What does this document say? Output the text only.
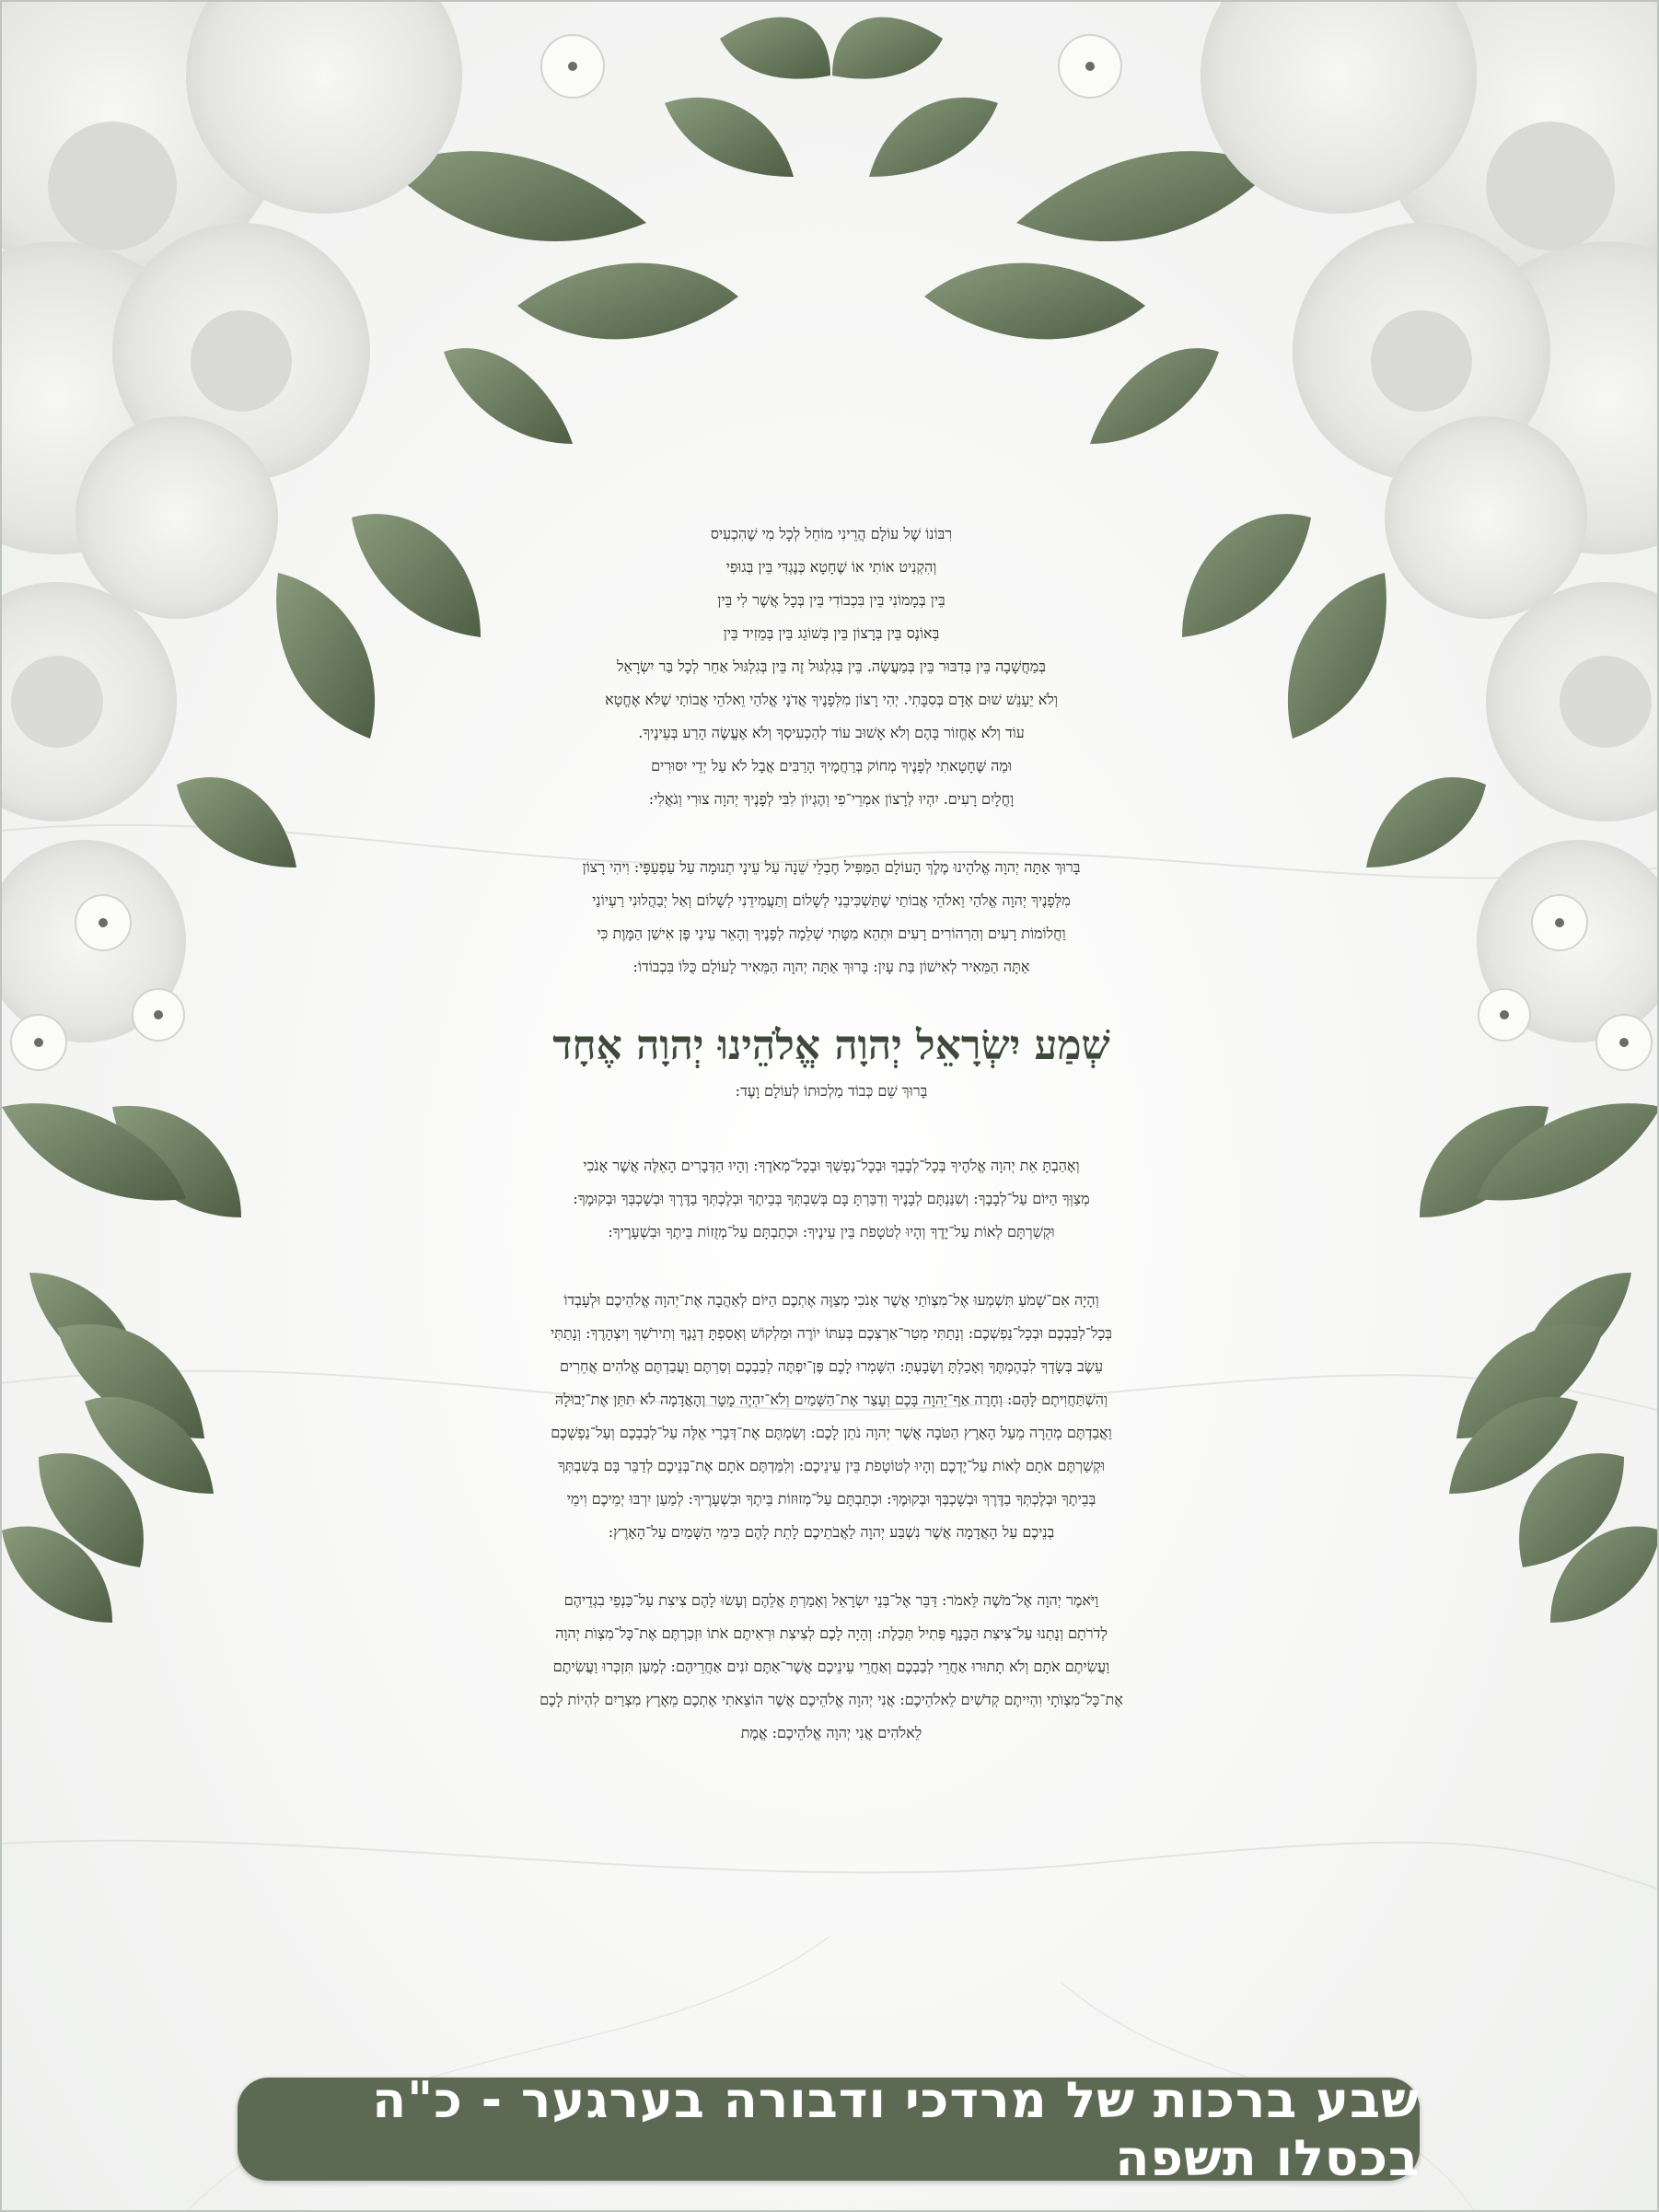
רִבּוֹנוֹ שֶׁל עוֹלָם הֲרֵינִי מוֹחֵל לְכָל מִי שֶׁהִכְעִיס
וְהִקְנִיט אוֹתִי אוֹ שֶׁחָטָא כְּנֶגְדִּי בֵּין בְּגוּפִי
בֵּין בְּמָמוֹנִי בֵּין בִּכְבוֹדִי בֵּין בְּכָל אֲשֶׁר לִי בֵּין
בְּאוֹנֶס בֵּין בְּרָצוֹן בֵּין בְּשׁוֹגֵג בֵּין בְּמֵזִיד בֵּין
בְּמַחֲשָׁבָה בֵּין בְּדִבּוּר בֵּין בְּמַעֲשֶׂה. בֵּין בְּגִלְגּוּל זֶה בֵּין בְּגִלְגּוּל אַחֵר לְכָל בַּר יִשְׂרָאֵל
וְלֹא יֵעָנֵשׁ שׁוּם אָדָם בְּסִבָּתִי. יְהִי רָצוֹן מִלְּפָנֶיךָ אֲדֹנָי אֱלֹהַי וֵאלֹהֵי אֲבוֹתַי שֶׁלֹּא אֶחֱטָא
עוֹד וְלֹא אֶחֱזוֹר בָּהֶם וְלֹא אָשׁוּב עוֹד לְהַכְעִיסְךָ וְלֹא אֶעֱשֶׂה הָרַע בְּעֵינֶיךָ.
וּמַה שֶּׁחָטָאתִי לְפָנֶיךָ מְחוֹק בְּרַחֲמֶיךָ הָרַבִּים אֲבָל לֹא עַל יְדֵי יִסּוּרִים
וָחֳלָיִם רָעִים. יִהְיוּ לְרָצוֹן אִמְרֵי־פִי וְהֶגְיוֹן לִבִּי לְפָנֶיךָ יְהוָה צוּרִי וְגֹאֲלִי:
בָּרוּךְ אַתָּה יְהוָה אֱלֹהֵינוּ מֶלֶךְ הָעוֹלָם הַמַּפִּיל חֶבְלֵי שֵׁנָה עַל עֵינָי תְנוּמָה עַל עַפְעַפָּי: וִיהִי רָצוֹן
מִלְּפָנֶיךָ יְהוָה אֱלֹהַי וֵאלֹהֵי אֲבוֹתַי שֶׁתַּשְׁכִּיבֵנִי לְשָׁלוֹם וְתַעֲמִידֵנִי לְשָׁלוֹם וְאַל יְבַהֲלוּנִי רַעְיוֹנַי
וַחֲלוֹמוֹת רָעִים וְהַרְהוֹרִים רָעִים וּתְהֵא מִטָּתִי שְׁלֵמָה לְפָנֶיךָ וְהָאֵר עֵינַי פֶּן אִישַׁן הַמָּוֶת כִּי
אַתָּה הַמֵּאִיר לְאִישׁוֹן בַּת עָיִן: בָּרוּךְ אַתָּה יְהוָה הַמֵּאִיר לָעוֹלָם כֻּלּוֹ בִּכְבוֹדוֹ:
שְׁמַע יִשְׂרָאֵל יְהוָה אֱלֹהֵינוּ יְהוָה אֶחָד
בָּרוּךְ שֵׁם כְּבוֹד מַלְכוּתוֹ לְעוֹלָם וָעֶד:
וְאָהַבְתָּ אֵת יְהוָה אֱלֹהֶיךָ בְּכָל־לְבָבְךָ וּבְכָל־נַפְשְׁךָ וּבְכָל־מְאֹדֶךָ: וְהָיוּ הַדְּבָרִים הָאֵלֶּה אֲשֶׁר אָנֹכִי
מְצַוְּךָ הַיּוֹם עַל־לְבָבֶךָ: וְשִׁנַּנְתָּם לְבָנֶיךָ וְדִבַּרְתָּ בָּם בְּשִׁבְתְּךָ בְּבֵיתֶךָ וּבְלֶכְתְּךָ בַדֶּרֶךְ וּבְשָׁכְבְּךָ וּבְקוּמֶךָ:
וּקְשַׁרְתָּם לְאוֹת עַל־יָדֶךָ וְהָיוּ לְטֹטָפֹת בֵּין עֵינֶיךָ: וּכְתַבְתָּם עַל־מְזֻזוֹת בֵּיתֶךָ וּבִשְׁעָרֶיךָ:
וְהָיָה אִם־שָׁמֹעַ תִּשְׁמְעוּ אֶל־מִצְוֺתַי אֲשֶׁר אָנֹכִי מְצַוֶּה אֶתְכֶם הַיּוֹם לְאַהֲבָה אֶת־יְהוָה אֱלֹהֵיכֶם וּלְעָבְדוֹ
בְּכָל־לְבַבְכֶם וּבְכָל־נַפְשְׁכֶם: וְנָתַתִּי מְטַר־אַרְצְכֶם בְּעִתּוֹ יוֹרֶה וּמַלְקוֹשׁ וְאָסַפְתָּ דְגָנֶךָ וְתִירֹשְׁךָ וְיִצְהָרֶךָ: וְנָתַתִּי
עֵשֶׂב בְּשָׂדְךָ לִבְהֶמְתֶּךָ וְאָכַלְתָּ וְשָׂבָעְתָּ: הִשָּׁמְרוּ לָכֶם פֶּן־יִפְתֶּה לְבַבְכֶם וְסַרְתֶּם וַעֲבַדְתֶּם אֱלֹהִים אֲחֵרִים
וְהִשְׁתַּחֲוִיתֶם לָהֶם: וְחָרָה אַף־יְהוָה בָּכֶם וְעָצַר אֶת־הַשָּׁמַיִם וְלֹא־יִהְיֶה מָטָר וְהָאֲדָמָה לֹא תִתֵּן אֶת־יְבוּלָהּ
וַאֲבַדְתֶּם מְהֵרָה מֵעַל הָאָרֶץ הַטֹּבָה אֲשֶׁר יְהוָה נֹתֵן לָכֶם: וְשַׂמְתֶּם אֶת־דְּבָרַי אֵלֶּה עַל־לְבַבְכֶם וְעַל־נַפְשְׁכֶם
וּקְשַׁרְתֶּם אֹתָם לְאוֹת עַל־יֶדְכֶם וְהָיוּ לְטוֹטָפֹת בֵּין עֵינֵיכֶם: וְלִמַּדְתֶּם אֹתָם אֶת־בְּנֵיכֶם לְדַבֵּר בָּם בְּשִׁבְתְּךָ
בְּבֵיתֶךָ וּבְלֶכְתְּךָ בַדֶּרֶךְ וּבְשָׁכְבְּךָ וּבְקוּמֶךָ: וּכְתַבְתָּם עַל־מְזוּזוֹת בֵּיתֶךָ וּבִשְׁעָרֶיךָ: לְמַעַן יִרְבּוּ יְמֵיכֶם וִימֵי
בְנֵיכֶם עַל הָאֲדָמָה אֲשֶׁר נִשְׁבַּע יְהוָה לַאֲבֹתֵיכֶם לָתֵת לָהֶם כִּימֵי הַשָּׁמַיִם עַל־הָאָרֶץ:
וַיֹּאמֶר יְהוָה אֶל־מֹשֶׁה לֵּאמֹר: דַּבֵּר אֶל־בְּנֵי יִשְׂרָאֵל וְאָמַרְתָּ אֲלֵהֶם וְעָשׂוּ לָהֶם צִיצִת עַל־כַּנְפֵי בִגְדֵיהֶם
לְדֹרֹתָם וְנָתְנוּ עַל־צִיצִת הַכָּנָף פְּתִיל תְּכֵלֶת: וְהָיָה לָכֶם לְצִיצִת וּרְאִיתֶם אֹתוֹ וּזְכַרְתֶּם אֶת־כָּל־מִצְוֺת יְהוָה
וַעֲשִׂיתֶם אֹתָם וְלֹא תָתוּרוּ אַחֲרֵי לְבַבְכֶם וְאַחֲרֵי עֵינֵיכֶם אֲשֶׁר־אַתֶּם זֹנִים אַחֲרֵיהֶם: לְמַעַן תִּזְכְּרוּ וַעֲשִׂיתֶם
אֶת־כָּל־מִצְוֺתָי וִהְיִיתֶם קְדֹשִׁים לֵאלֹהֵיכֶם: אֲנִי יְהוָה אֱלֹהֵיכֶם אֲשֶׁר הוֹצֵאתִי אֶתְכֶם מֵאֶרֶץ מִצְרַיִם לִהְיוֹת לָכֶם
לֵאלֹהִים אֲנִי יְהוָה אֱלֹהֵיכֶם: אֱמֶת
שבע ברכות של מרדכי ודבורה בערגער - כ"ה בכסלו תשפה
